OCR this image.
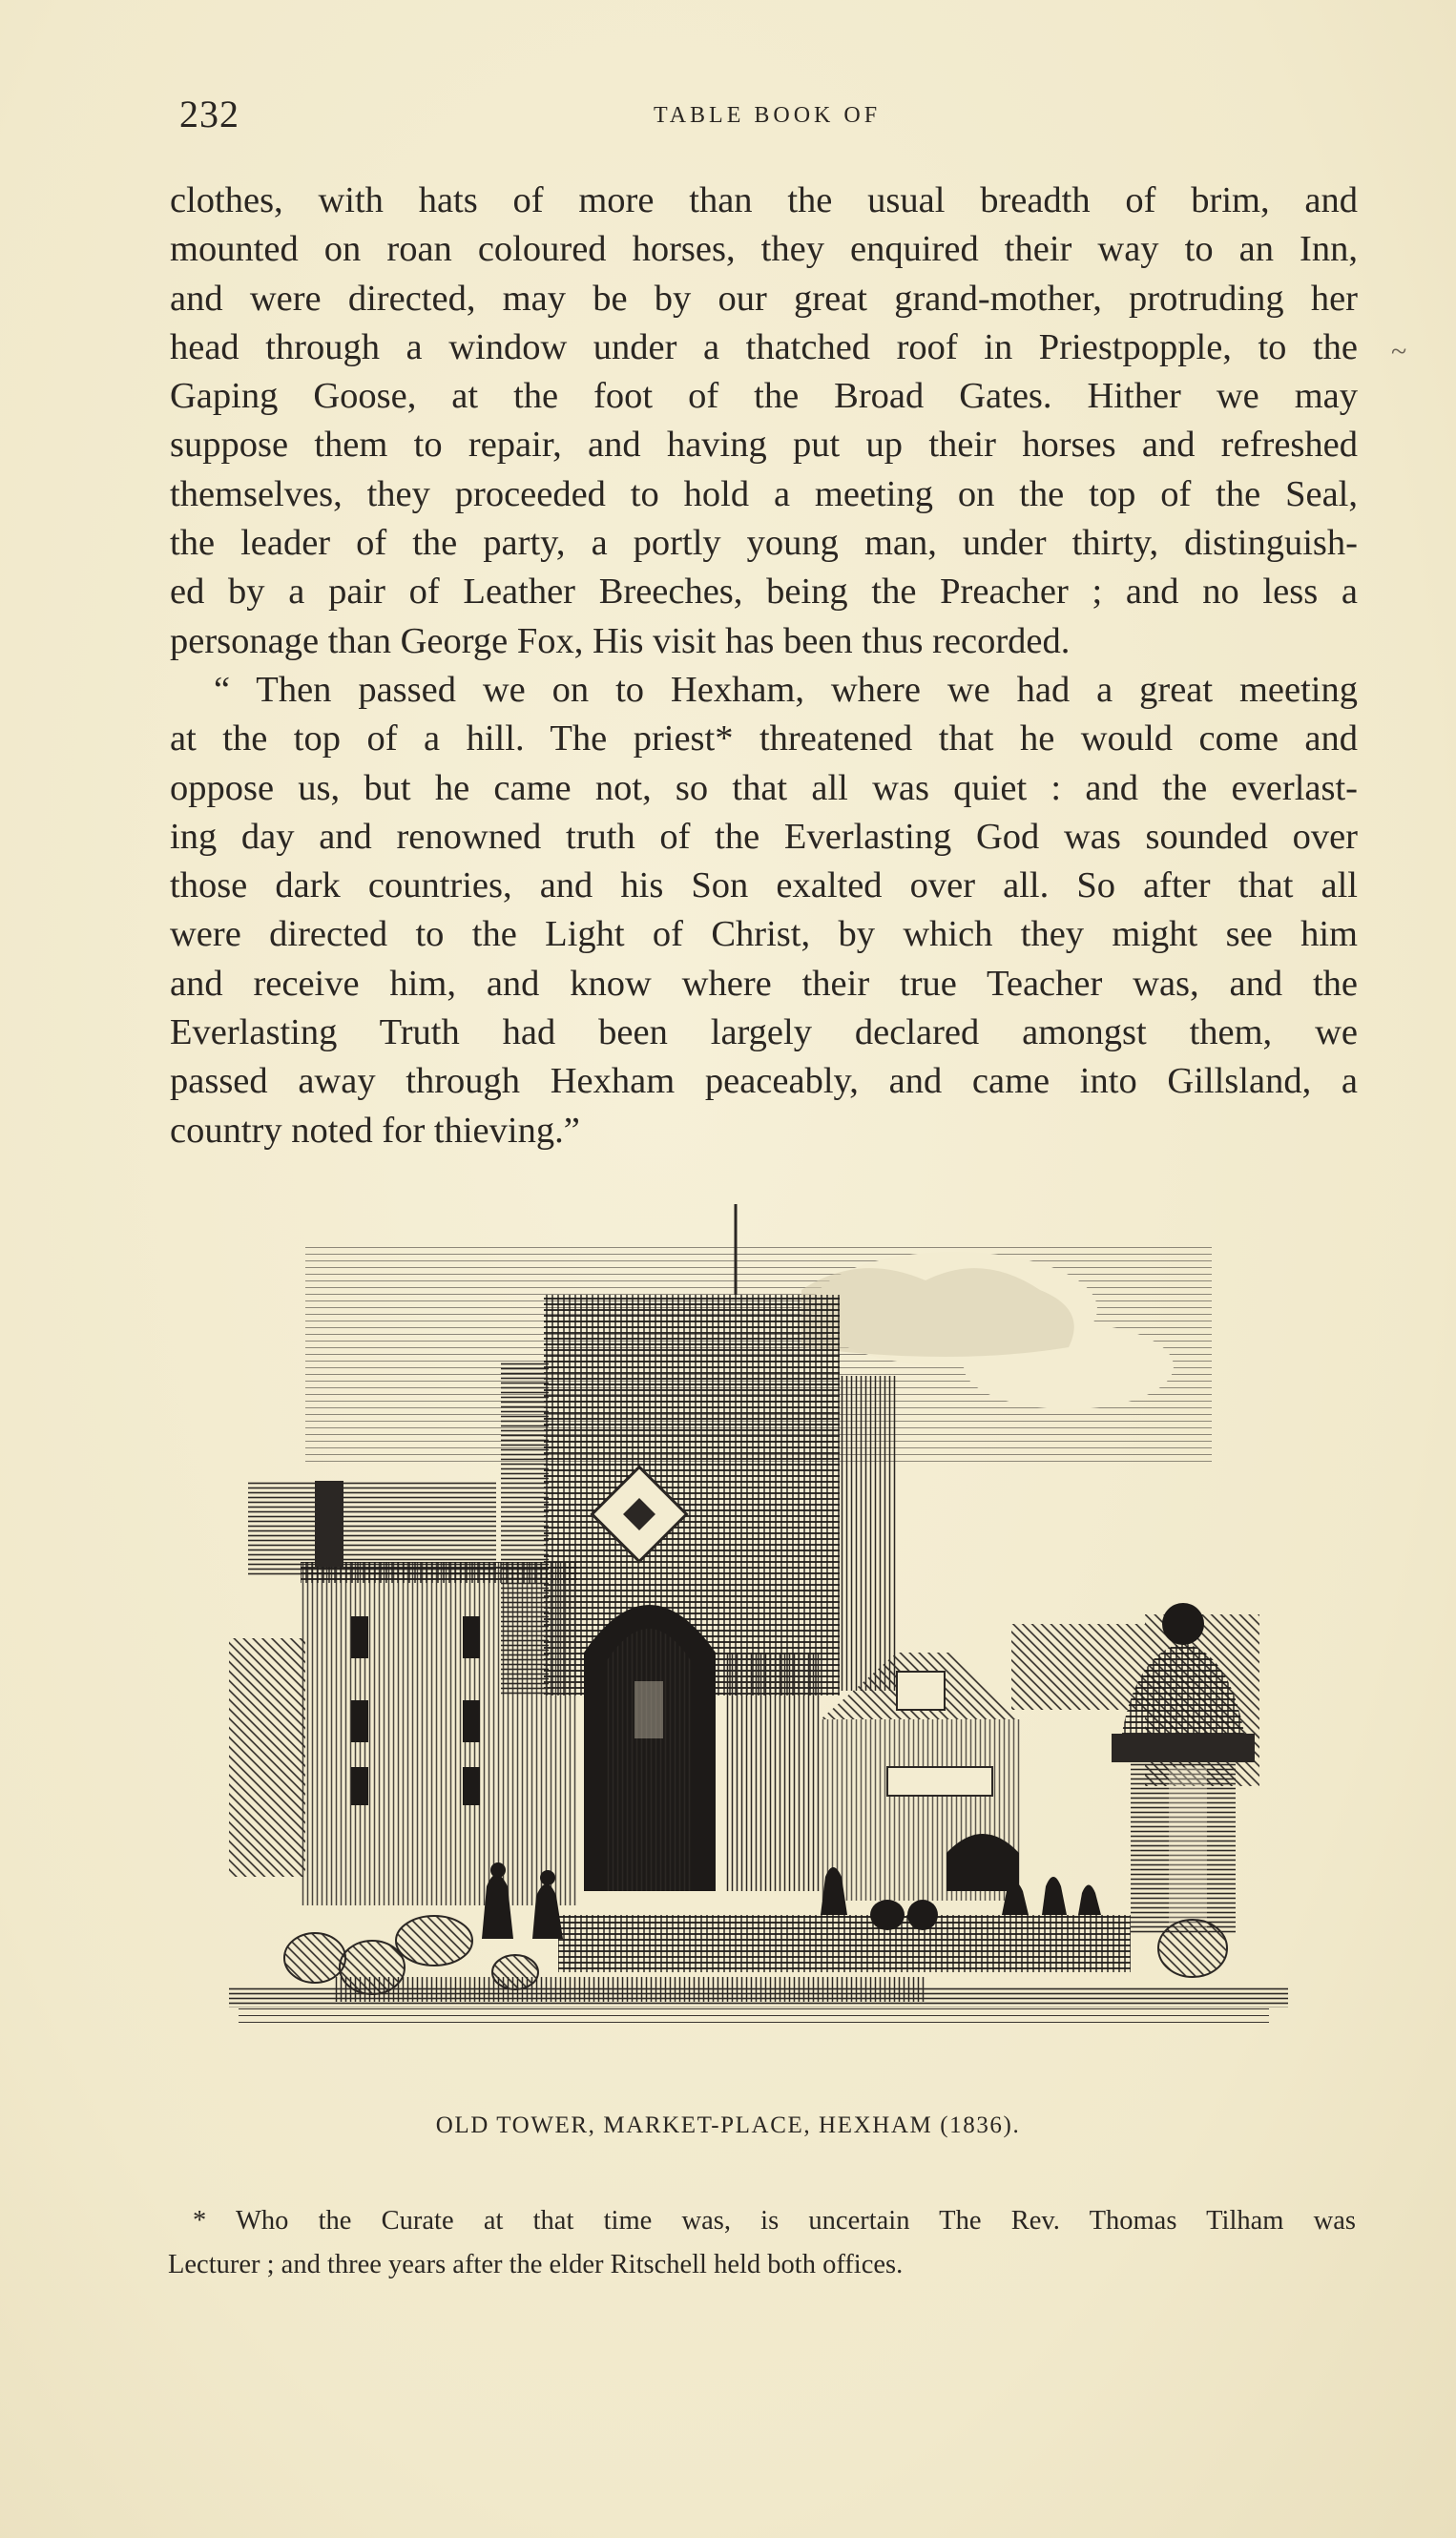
232	TABLE BOOK OF
~

clothes, with hats of more than the usual breadth of brim, and

mounted on roan coloured horses, they enquired their way to an Inn,

and were directed, may be by our great grand-mother, protruding her

head through a window under a thatched roof in Priestpopple, to the

Gaping Goose, at the foot of the Broad Gates. Hither we may

suppose them to repair, and having put up their horses and refreshed

themselves, they proceeded to hold a meeting on the top of the Seal,

the leader of the party, a portly young man, under thirty, distinguish-

ed by a pair of Leather Breeches, being the Preacher ; and no less a

personage than George Fox, His visit has been thus recorded.

“ Then passed we on to Hexham, where we had a great meeting

at the top of a hill. The priest* threatened that he would come and

oppose us, but he came not, so that all was quiet : and the everlast-

ing day and renowned truth of the Everlasting God was sounded over

those dark countries, and his Son exalted over all. So after that all

were directed to the Light of Christ, by which they might see him

and receive him, and know where their true Teacher was, and the

Everlasting Truth had been largely declared amongst them, we

passed away through Hexham peaceably, and came into Gillsland, a

country noted for thieving.”

OLD TOWER, MARKET-PLACE, HEXHAM (1836).

* Who the Curate at that time was, is uncertain The Rev. Thomas Tilham was

Lecturer ; and three years after the elder Ritschell held both offices.
